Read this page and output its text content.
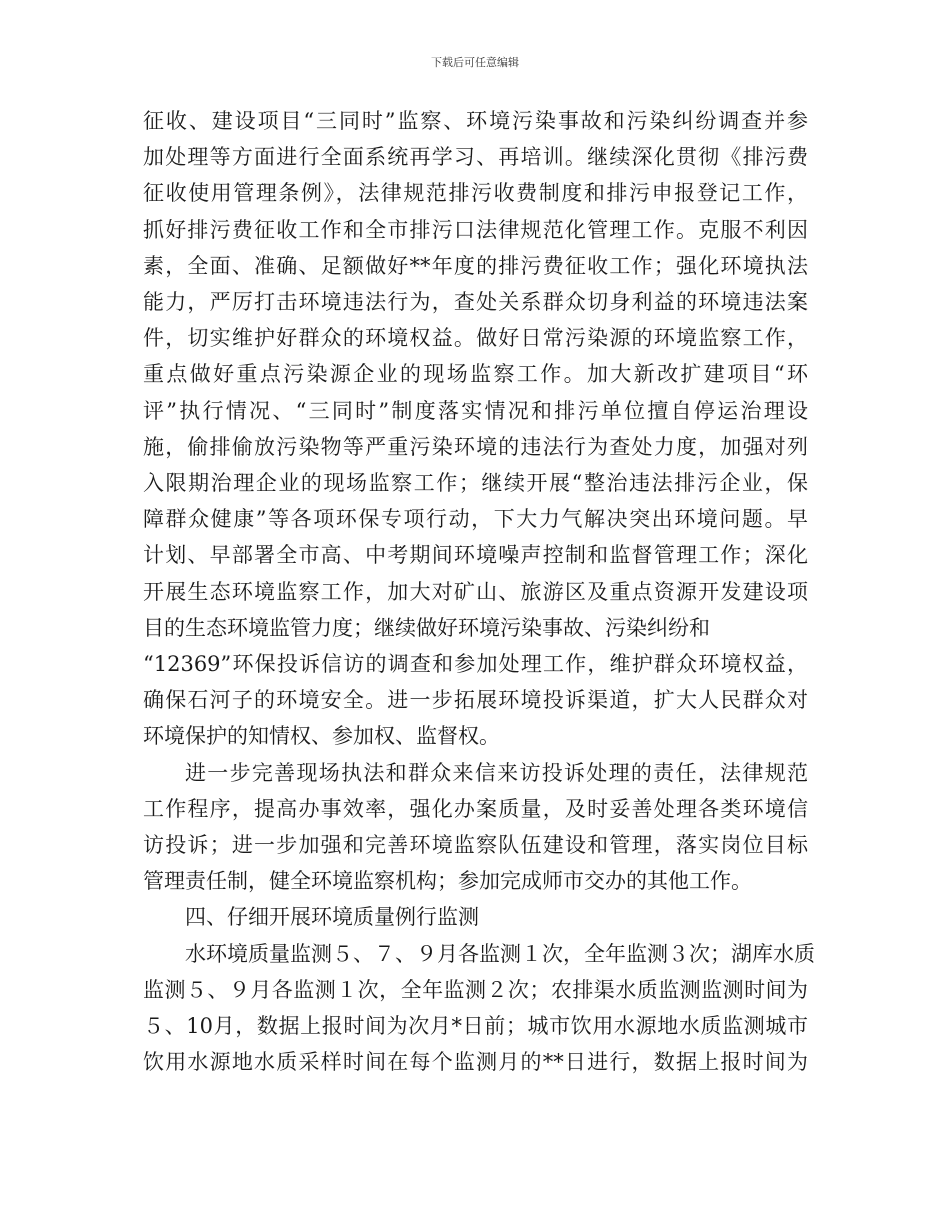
下载后可任意编辑

征收、建设项目“三同时”监察、环境污染事故和污染纠纷调查并参
加处理等方面进行全面系统再学习、再培训。继续深化贯彻《排污费
征收使用管理条例》，法律规范排污收费制度和排污申报登记工作，
抓好排污费征收工作和全市排污口法律规范化管理工作。克服不利因
素，全面、准确、足额做好**年度的排污费征收工作；强化环境执法
能力，严厉打击环境违法行为，查处关系群众切身利益的环境违法案
件，切实维护好群众的环境权益。做好日常污染源的环境监察工作，
重点做好重点污染源企业的现场监察工作。加大新改扩建项目“环
评”执行情况、“三同时”制度落实情况和排污单位擅自停运治理设
施，偷排偷放污染物等严重污染环境的违法行为查处力度，加强对列
入限期治理企业的现场监察工作；继续开展“整治违法排污企业，保
障群众健康”等各项环保专项行动，下大力气解决突出环境问题。早
计划、早部署全市高、中考期间环境噪声控制和监督管理工作；深化
开展生态环境监察工作，加大对矿山、旅游区及重点资源开发建设项
目的生态环境监管力度；继续做好环境污染事故、污染纠纷和
“12369”环保投诉信访的调查和参加处理工作，维护群众环境权益，
确保石河子的环境安全。进一步拓展环境投诉渠道，扩大人民群众对
环境保护的知情权、参加权、监督权。

进一步完善现场执法和群众来信来访投诉处理的责任，法律规范
工作程序，提高办事效率，强化办案质量，及时妥善处理各类环境信
访投诉；进一步加强和完善环境监察队伍建设和管理，落实岗位目标
管理责任制，健全环境监察机构；参加完成师市交办的其他工作。

四、仔细开展环境质量例行监测

水环境质量监测５、７、９月各监测１次，全年监测３次；湖库水质
监测５、９月各监测１次，全年监测２次；农排渠水质监测监测时间为
５、10月，数据上报时间为次月*日前；城市饮用水源地水质监测城市
饮用水源地水质采样时间在每个监测月的**日进行，数据上报时间为
